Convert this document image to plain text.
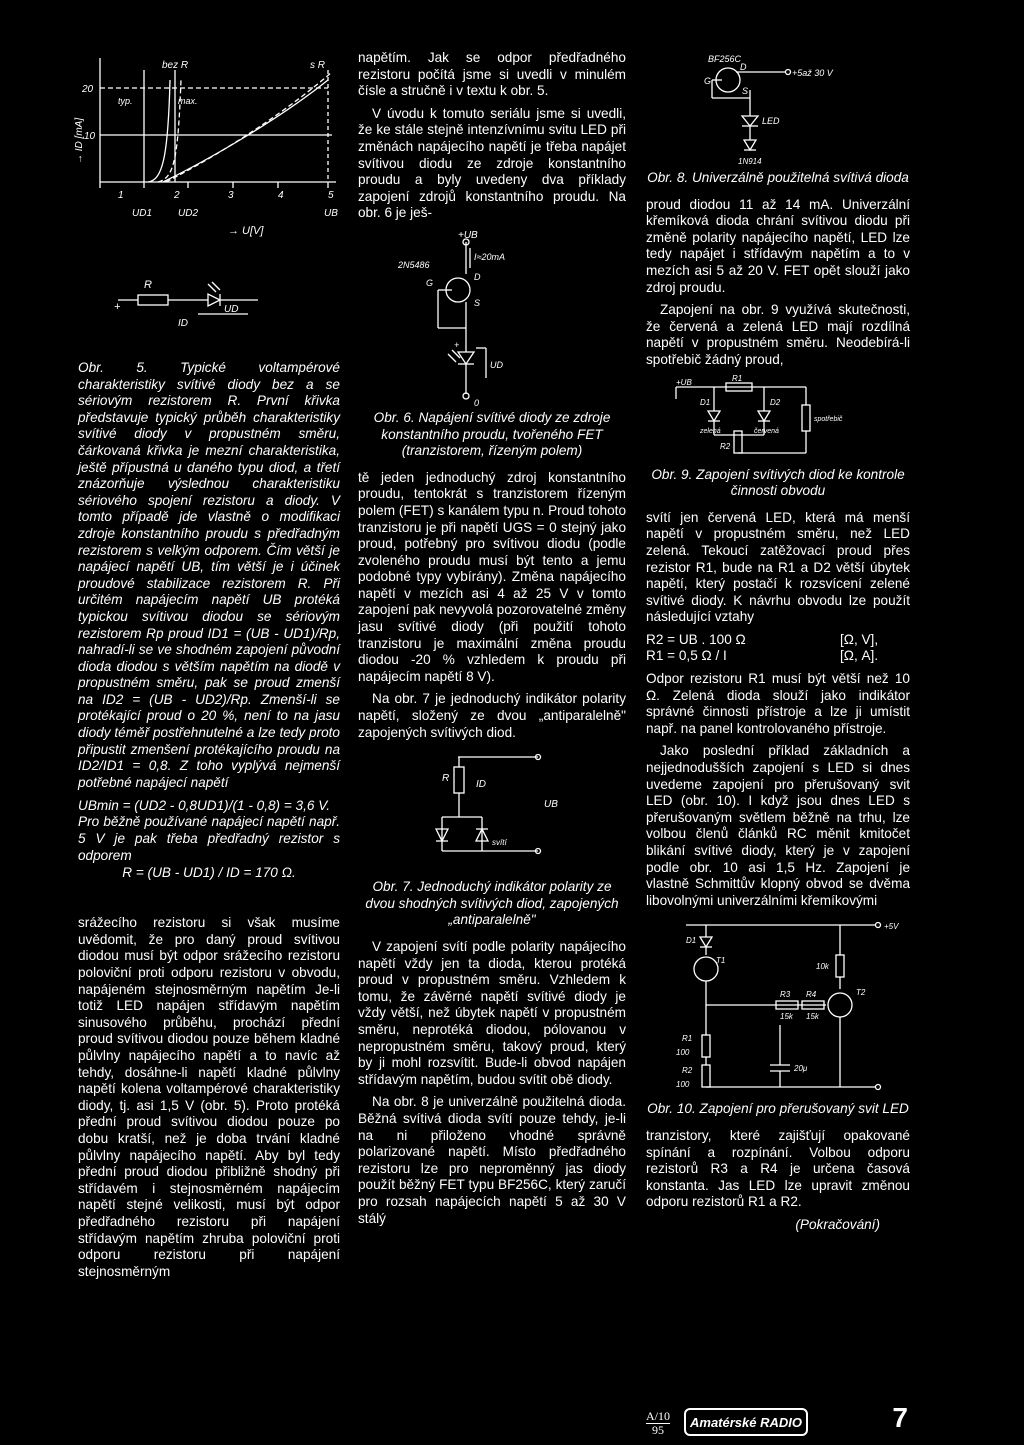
bez R	s R
20
10
→ ID [mA]
typ.	max.
1	2	3	4	5
UD1	UD2	UB
→ U[V]
R
+
ID
UD

Obr. 5. Typické voltampérové charakteristiky svítivé diody bez a se sériovým rezistorem R. První křivka představuje typický průběh charakteristiky svítivé diody v propustném směru, čárkovaná křivka je mezní charakteristika, ještě přípustná u daného typu diod, a třetí znázorňuje výslednou charakteristiku sériového spojení rezistoru a diody. V tomto případě jde vlastně o modifikaci zdroje konstantního proudu s předřadným rezistorem s velkým odporem. Čím větší je napájecí napětí UB, tím větší je i účinek proudové stabilizace rezistorem R. Při určitém napájecím napětí UB protéká typickou svítivou diodou se sériovým rezistorem Rp proud ID1 = (UB - UD1)/Rp, nahradí-li se ve shodném zapojení původní dioda diodou s větším napětím na diodě v propustném směru, pak se proud zmenší na ID2 = (UB - UD2)/Rp. Zmenší-li se protékající proud o 20 %, není to na jasu diody téměř postřehnutelné a lze tedy proto připustit zmenšení protékajícího proudu na ID2/ID1 = 0,8. Z toho vyplývá nejmenší potřebné napájecí napětí

UBmin = (UD2 - 0,8UD1)/(1 - 0,8) = 3,6 V.

Pro běžně používané napájecí napětí např. 5 V je pak třeba předřadný rezistor s odporem

R = (UB - UD1) / ID = 170 Ω.

srážecího rezistoru si však musíme uvědomit, že pro daný proud svítivou diodou musí být odpor srážecího rezistoru poloviční proti odporu rezistoru v obvodu, napájeném stejnosměrným napětím Je-li totiž LED napájen střídavým napětím sinusového průběhu, prochází přední proud svítivou diodou pouze během kladné půlvlny napájecího napětí a to navíc až tehdy, dosáhne-li napětí kladné půlvlny napětí kolena voltampérové charakteristiky diody, tj. asi 1,5 V (obr. 5). Proto protéká přední proud svítivou diodou pouze po dobu kratší, než je doba trvání kladné půlvlny napájecího napětí. Aby byl tedy přední proud diodou přibližně shodný při střídavém i stejnosměrném napájecím napětí stejné velikosti, musí být odpor předřadného rezistoru při napájení střídavým napětím zhruba poloviční proti odporu rezistoru při napájení stejnosměrným

napětím. Jak se odpor předřadného rezistoru počítá jsme si uvedli v minulém čísle a stručně i v textu k obr. 5.

V úvodu k tomuto seriálu jsme si uvedli, že ke stále stejně intenzívnímu svitu LED při změnách napájecího napětí je třeba napájet svítivou diodu ze zdroje konstantního proudu a byly uvedeny dva příklady zapojení zdrojů konstantního proudu. Na obr. 6 je ješ-

+UB
I≈20mA
2N5486
G
D
S
+
UD
0

Obr. 6. Napájení svítivé diody ze zdroje konstantního proudu, tvořeného FET (tranzistorem, řízeným polem)

tě jeden jednoduchý zdroj konstantního proudu, tentokrát s tranzistorem řízeným polem (FET) s kanálem typu n. Proud tohoto tranzistoru je při napětí UGS = 0 stejný jako proud, potřebný pro svítivou diodu (podle zvoleného proudu musí být tento a jemu podobné typy vybírány). Změna napájecího napětí v mezích asi 4 až 25 V v tomto zapojení pak nevyvolá pozorovatelné změny jasu svítivé diody (při použití tohoto tranzistoru je maximální změna proudu diodou -20 % vzhledem k proudu při napájecím napětí 8 V).

Na obr. 7 je jednoduchý indikátor polarity napětí, složený ze dvou „antiparalelně" zapojených svítivých diod.

R
ID
UB
svítí

Obr. 7. Jednoduchý indikátor polarity ze dvou shodných svítivých diod, zapojených „antiparalelně"

V zapojení svítí podle polarity napájecího napětí vždy jen ta dioda, kterou protéká proud v propustném směru. Vzhledem k tomu, že závěrné napětí svítivé diody je vždy větší, než úbytek napětí v propustném směru, neprotéká diodou, pólovanou v nepropustném směru, takový proud, který by ji mohl rozsvítit. Bude-li obvod napájen střídavým napětím, budou svítit obě diody.

Na obr. 8 je univerzálně použitelná dioda. Běžná svítivá dioda svítí pouze tehdy, je-li na ni přiloženo vhodné správně polarizované napětí. Místo předřadného rezistoru lze pro neproměnný jas diody použít běžný FET typu BF256C, který zaručí pro rozsah napájecích napětí 5 až 30 V stálý

BF256C
G
D
S
+5až 30 V
LED
1N914

Obr. 8. Univerzálně použitelná svítivá dioda

proud diodou 11 až 14 mA. Univerzální křemíková dioda chrání svítivou diodu při změně polarity napájecího napětí, LED lze tedy napájet i střídavým napětím a to v mezích asi 5 až 20 V. FET opět slouží jako zdroj proudu.

Zapojení na obr. 9 využívá skutečnosti, že červená a zelená LED mají rozdílná napětí v propustném směru. Neodebírá-li spotřebič žádný proud,

+UB	R1
D1	D2
zelená	červená
spotřebič
R2

Obr. 9. Zapojení svítivých diod ke kontrole činnosti obvodu

svítí jen červená LED, která má menší napětí v propustném směru, než LED zelená. Tekoucí zatěžovací proud přes rezistor R1, bude na R1 a D2 větší úbytek napětí, který postačí k rozsvícení zelené svítivé diody. K návrhu obvodu lze použít následující vztahy

R2 = UB . 100 Ω	[Ω, V],
R1 = 0,5 Ω / I	[Ω, A].

Odpor rezistoru R1 musí být větší než 10 Ω. Zelená dioda slouží jako indikátor správné činnosti přístroje a lze ji umístit např. na panel kontrolovaného přístroje.

Jako poslední příklad základních a nejjednodušších zapojení s LED si dnes uvedeme zapojení pro přerušovaný svit LED (obr. 10). I když jsou dnes LED s přerušovaným světlem běžně na trhu, lze volbou členů článků RC měnit kmitočet blikání svítivé diody, který je v zapojení podle obr. 10 asi 1,5 Hz. Zapojení je vlastně Schmittův klopný obvod se dvěma libovolnými univerzálními křemíkovými

+5V
D1
T1
10k
T2
R3 R4
15k 15k
R1
100
R2
100
20μ

Obr. 10. Zapojení pro přerušovaný svit LED

tranzistory, které zajišťují opakované spínání a rozpínání. Volbou odporu rezistorů R3 a R4 je určena časová konstanta. Jas LED lze upravit změnou odporu rezistorů R1 a R2.

(Pokračování)

A/10
95
Amatérské RADIO	7
